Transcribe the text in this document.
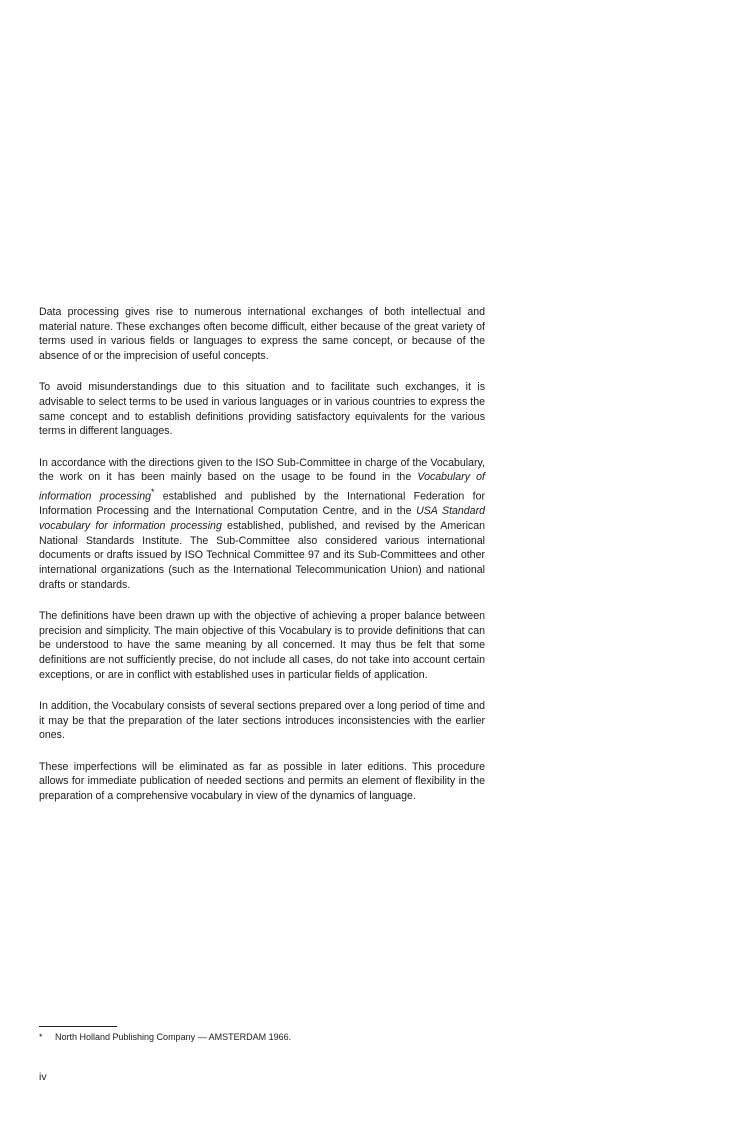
Data processing gives rise to numerous international exchanges of both intellectual and material nature. These exchanges often become difficult, either because of the great variety of terms used in various fields or languages to express the same concept, or because of the absence of or the imprecision of useful concepts.

To avoid misunderstandings due to this situation and to facilitate such exchanges, it is advisable to select terms to be used in various languages or in various countries to express the same concept and to establish definitions providing satisfactory equivalents for the various terms in different languages.

In accordance with the directions given to the ISO Sub-Committee in charge of the Vocabulary, the work on it has been mainly based on the usage to be found in the Vocabulary of information processing* established and published by the International Federation for Information Processing and the International Computation Centre, and in the USA Standard vocabulary for information processing established, published, and revised by the American National Standards Institute. The Sub-Committee also considered various international documents or drafts issued by ISO Technical Committee 97 and its Sub-Committees and other international organizations (such as the International Telecommunication Union) and national drafts or standards.

The definitions have been drawn up with the objective of achieving a proper balance between precision and simplicity. The main objective of this Vocabulary is to provide definitions that can be understood to have the same meaning by all concerned. It may thus be felt that some definitions are not sufficiently precise, do not include all cases, do not take into account certain exceptions, or are in conflict with established uses in particular fields of application.

In addition, the Vocabulary consists of several sections prepared over a long period of time and it may be that the preparation of the later sections introduces inconsistencies with the earlier ones.

These imperfections will be eliminated as far as possible in later editions. This procedure allows for immediate publication of needed sections and permits an element of flexibility in the preparation of a comprehensive vocabulary in view of the dynamics of language.

* North Holland Publishing Company — AMSTERDAM 1966.
iv
